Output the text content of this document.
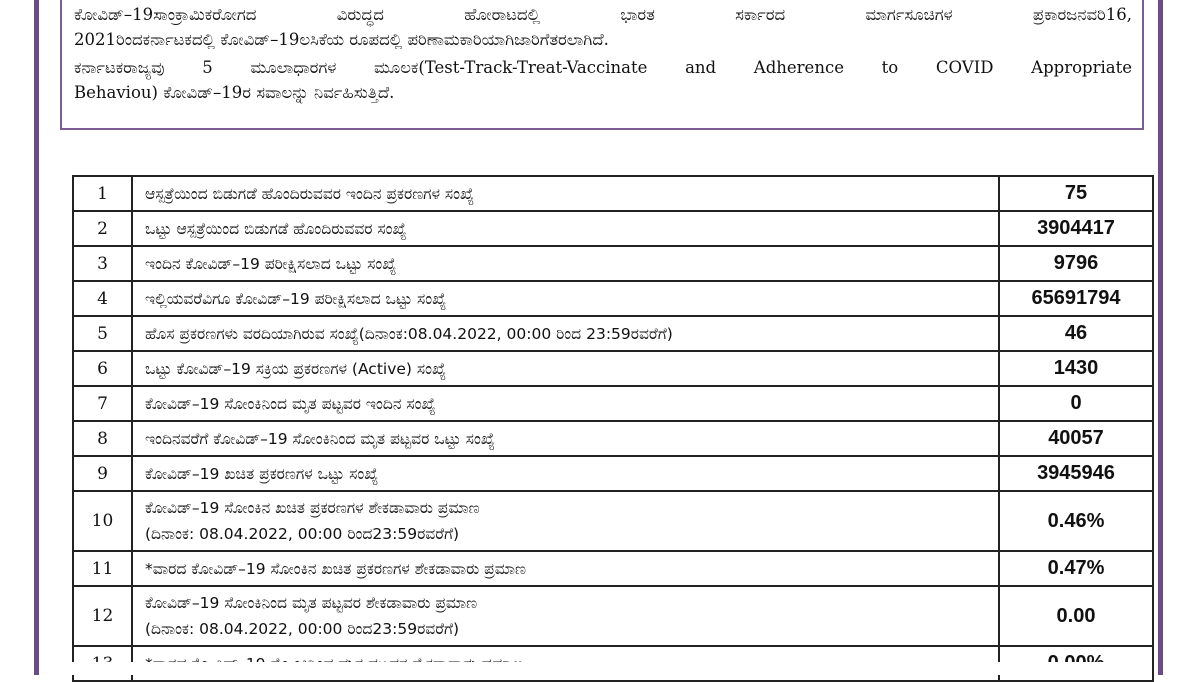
ಕೋವಿಡ್–19ಸಾಂಕ್ರಾಮಿಕರೋಗದ ವಿರುದ್ಧದ ಹೋರಾಟದಲ್ಲಿ ಭಾರತ ಸರ್ಕಾರದ ಮಾರ್ಗಸೂಚಿಗಳ ಪ್ರಕಾರಜನವರಿ16,

2021ರಿಂದಕರ್ನಾಟಕದಲ್ಲಿ ಕೋವಿಡ್–19ಲಸಿಕೆಯ ರೂಪದಲ್ಲಿ ಪರಿಣಾಮಕಾರಿಯಾಗಿಜಾರಿಗೆತರಲಾಗಿದೆ.

ಕರ್ನಾಟಕರಾಜ್ಯವು 5 ಮೂಲಾಧಾರಗಳ ಮೂಲಕ(Test-Track-Treat-Vaccinate and Adherence to COVID Appropriate

Behaviou) ಕೋವಿಡ್–19ರ ಸವಾಲನ್ನು ನಿರ್ವಹಿಸುತ್ತಿದೆ.

1	ಆಸ್ಪತ್ರೆಯಿಂದ ಬಿಡುಗಡೆ ಹೊಂದಿರುವವರ ಇಂದಿನ ಪ್ರಕರಣಗಳ ಸಂಖ್ಯೆ	75
2	ಒಟ್ಟು ಆಸ್ಪತ್ರೆಯಿಂದ ಬಿಡುಗಡೆ ಹೊಂದಿರುವವರ ಸಂಖ್ಯೆ	3904417
3	ಇಂದಿನ ಕೋವಿಡ್–19 ಪರೀಕ್ಷಿಸಲಾದ ಒಟ್ಟು ಸಂಖ್ಯೆ	9796
4	ಇಲ್ಲಿಯವರೆವಿಗೂ ಕೋವಿಡ್–19 ಪರೀಕ್ಷಿಸಲಾದ ಒಟ್ಟು ಸಂಖ್ಯೆ	65691794
5	ಹೊಸ ಪ್ರಕರಣಗಳು ವರದಿಯಾಗಿರುವ ಸಂಖ್ಯೆ(ದಿನಾಂಕ:08.04.2022, 00:00 ರಿಂದ 23:59ರವರೆಗೆ)	46
6	ಒಟ್ಟು ಕೋವಿಡ್–19 ಸಕ್ರಿಯ ಪ್ರಕರಣಗಳ (Active) ಸಂಖ್ಯೆ	1430
7	ಕೋವಿಡ್–19 ಸೋಂಕಿನಿಂದ ಮೃತ ಪಟ್ಟವರ ಇಂದಿನ ಸಂಖ್ಯೆ	0
8	ಇಂದಿನವರೆಗೆ ಕೋವಿಡ್–19 ಸೋಂಕಿನಿಂದ ಮೃತ ಪಟ್ಟವರ ಒಟ್ಟು ಸಂಖ್ಯೆ	40057
9	ಕೋವಿಡ್–19 ಖಚಿತ ಪ್ರಕರಣಗಳ ಒಟ್ಟು ಸಂಖ್ಯೆ	3945946
10	ಕೋವಿಡ್–19 ಸೋಂಕಿನ ಖಚಿತ ಪ್ರಕರಣಗಳ ಶೇಕಡಾವಾರು ಪ್ರಮಾಣ
(ದಿನಾಂಕ: 08.04.2022, 00:00 ರಿಂದ23:59ರವರೆಗೆ)	0.46%
11	*ವಾರದ ಕೋವಿಡ್–19 ಸೋಂಕಿನ ಖಚಿತ ಪ್ರಕರಣಗಳ ಶೇಕಡಾವಾರು ಪ್ರಮಾಣ	0.47%
12	ಕೋವಿಡ್–19 ಸೋಂಕಿನಿಂದ ಮೃತ ಪಟ್ಟವರ ಶೇಕಡಾವಾರು ಪ್ರಮಾಣ
(ದಿನಾಂಕ: 08.04.2022, 00:00 ರಿಂದ23:59ರವರೆಗೆ)	0.00
